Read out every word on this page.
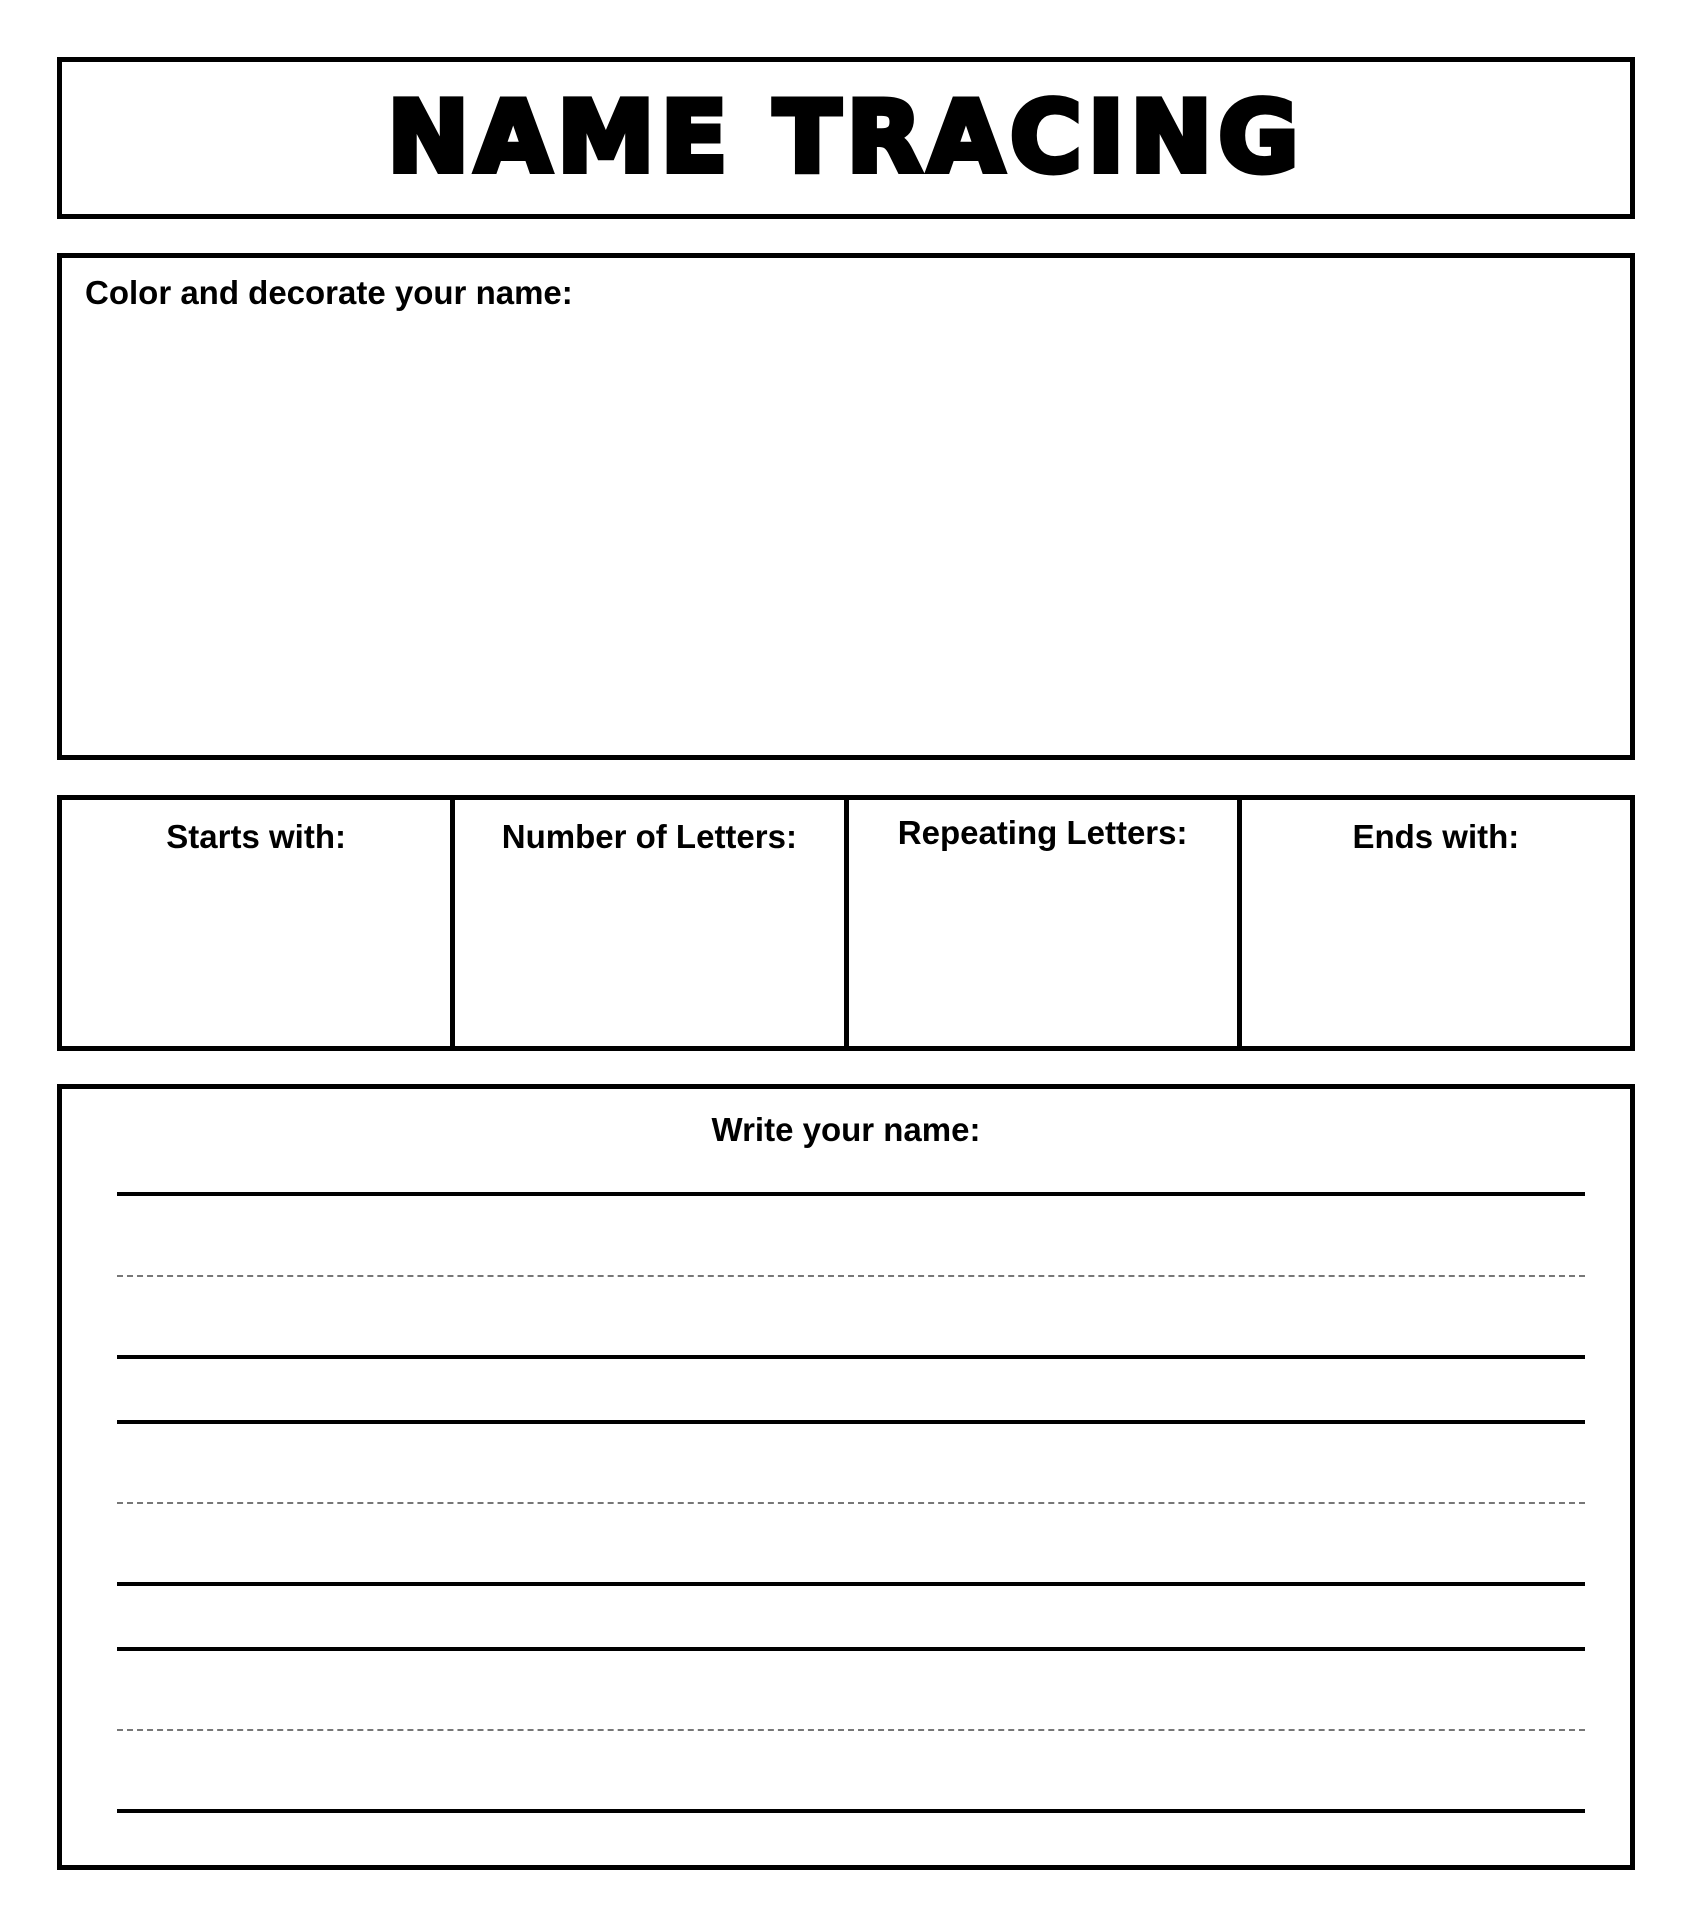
NAME TRACING
Color and decorate your name:
Starts with:	Number of Letters:	Repeating Letters:	Ends with:
Write your name:
